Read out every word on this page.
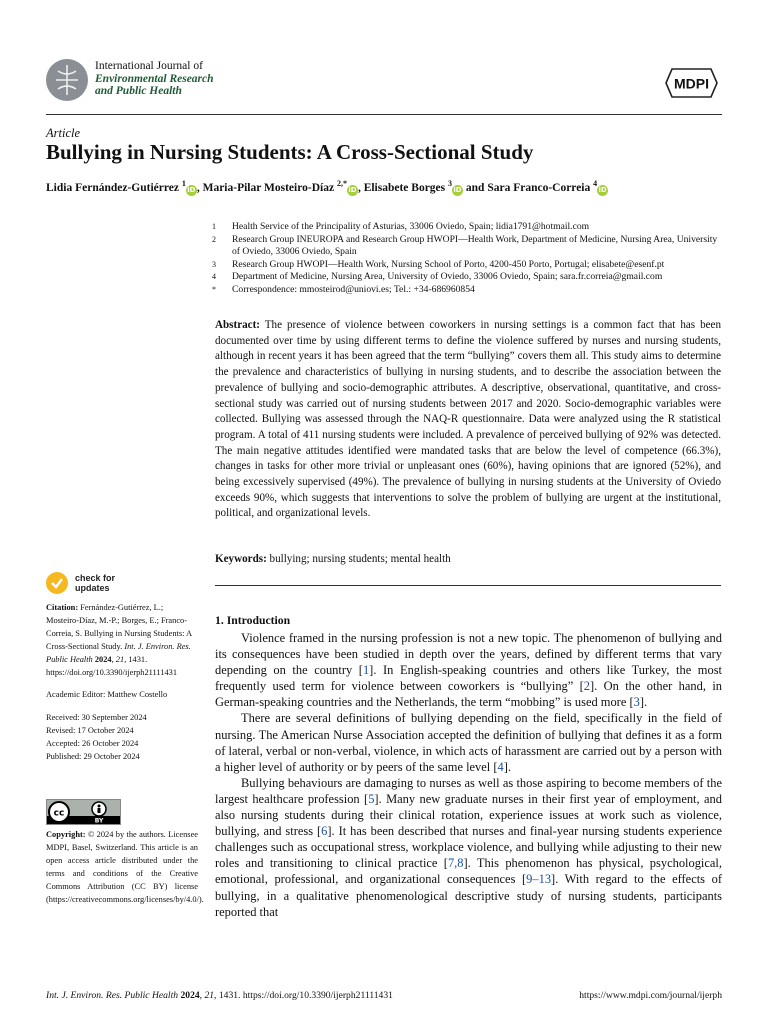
International Journal of
Environmental Research
and Public Health	MDPI
Article
Bullying in Nursing Students: A Cross-Sectional Study
Lidia Fernández-Gutiérrez $^1$iD, Maria-Pilar Mosteiro-Díaz $^{2,*}$iD, Elisabete Borges $^3$iD and Sara Franco-Correia $^4$iD
1	Health Service of the Principality of Asturias, 33006 Oviedo, Spain; lidia1791@hotmail.com
2	Research Group INEUROPA and Research Group HWOPI—Health Work, Department of Medicine, Nursing Area, University of Oviedo, 33006 Oviedo, Spain
3	Research Group HWOPI—Health Work, Nursing School of Porto, 4200-450 Porto, Portugal; elisabete@esenf.pt
4	Department of Medicine, Nursing Area, University of Oviedo, 33006 Oviedo, Spain; sara.fr.correia@gmail.com
*	Correspondence: mmosteirod@uniovi.es; Tel.: +34-686960854
Abstract: The presence of violence between coworkers in nursing settings is a common fact that has been documented over time by using different terms to define the violence suffered by nurses and nursing students, although in recent years it has been agreed that the term “bullying” covers them all. This study aims to determine the prevalence and characteristics of bullying in nursing students, and to describe the association between the prevalence of bullying and socio-demographic attributes. A descriptive, observational, quantitative, and cross-sectional study was carried out of nursing students between 2017 and 2020. Socio-demographic variables were collected. Bullying was assessed through the NAQ-R questionnaire. Data were analyzed using the R statistical program. A total of 411 nursing students were included. A prevalence of perceived bullying of 92% was detected. The main negative attitudes identified were mandated tasks that are below the level of competence (66.3%), changes in tasks for other more trivial or unpleasant ones (60%), having opinions that are ignored (52%), and being excessively supervised (49%). The prevalence of bullying in nursing students at the University of Oviedo exceeds 90%, which suggests that interventions to solve the problem of bullying are urgent at the institutional, political, and organizational levels.
Keywords: bullying; nursing students; mental health
check for
updates

Citation: Fernández-Gutiérrez, L.; Mosteiro-Díaz, M.-P.; Borges, E.; Franco-Correia, S. Bullying in Nursing Students: A Cross-Sectional Study. Int. J. Environ. Res. Public Health 2024, 21, 1431. https://doi.org/10.3390/ijerph21111431

Academic Editor: Matthew Costello

Received: 30 September 2024

Revised: 17 October 2024

Accepted: 26 October 2024

Published: 29 October 2024

cc
BY
Copyright: © 2024 by the authors. Licensee MDPI, Basel, Switzerland. This article is an open access article distributed under the terms and conditions of the Creative Commons Attribution (CC BY) license (https://creativecommons.org/licenses/by/4.0/).
1. Introduction

Violence framed in the nursing profession is not a new topic. The phenomenon of bullying and its consequences have been studied in depth over the years, defined by different terms that vary depending on the country [1]. In English-speaking countries and others like Turkey, the most frequently used term for violence between coworkers is “bullying” [2]. On the other hand, in German-speaking countries and the Netherlands, the term “mobbing” is used more [3].

There are several definitions of bullying depending on the field, specifically in the field of nursing. The American Nurse Association accepted the definition of bullying that defines it as a form of lateral, verbal or non-verbal, violence, in which acts of harassment are carried out by a person with a higher level of authority or by peers of the same level [4].

Bullying behaviours are damaging to nurses as well as those aspiring to become members of the largest healthcare profession [5]. Many new graduate nurses in their first year of employment, and also nursing students during their clinical rotation, experience issues at work such as violence, bullying, and stress [6]. It has been described that nurses and final-year nursing students experience challenges such as occupational stress, workplace violence, and bullying while adjusting to their new roles and transitioning to clinical practice [7,8]. This phenomenon has physical, psychological, emotional, professional, and organizational consequences [9–13]. With regard to the effects of bullying, in a qualitative phenomenological descriptive study of nursing students, participants reported that

Int. J. Environ. Res. Public Health 2024, 21, 1431. https://doi.org/10.3390/ijerph21111431	https://www.mdpi.com/journal/ijerph
